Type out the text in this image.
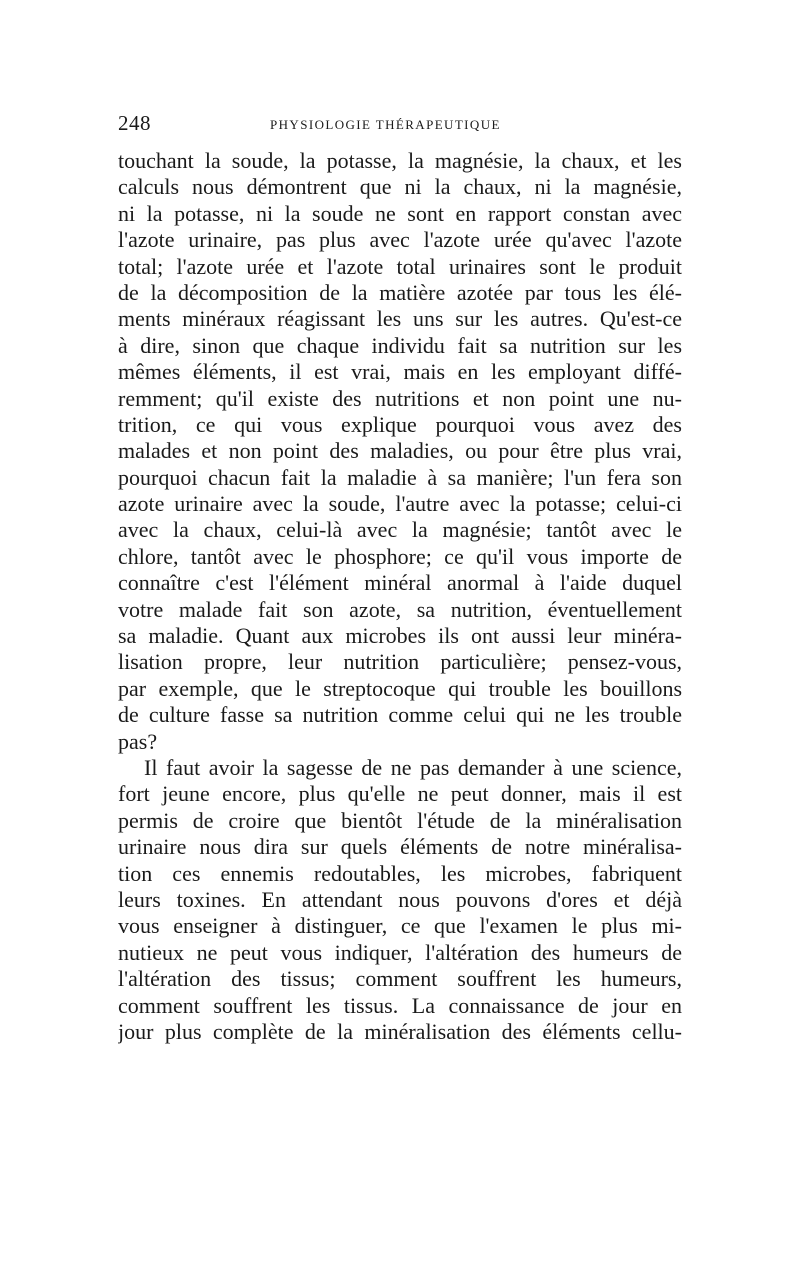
248	PHYSIOLOGIE THÉRAPEUTIQUE
touchant la soude, la potasse, la magnésie, la chaux, et les
calculs nous démontrent que ni la chaux, ni la magnésie,
ni la potasse, ni la soude ne sont en rapport constan avec
l'azote urinaire, pas plus avec l'azote urée qu'avec l'azote
total; l'azote urée et l'azote total urinaires sont le produit
de la décomposition de la matière azotée par tous les élé-
ments minéraux réagissant les uns sur les autres. Qu'est-ce
à dire, sinon que chaque individu fait sa nutrition sur les
mêmes éléments, il est vrai, mais en les employant diffé-
remment; qu'il existe des nutritions et non point une nu-
trition, ce qui vous explique pourquoi vous avez des
malades et non point des maladies, ou pour être plus vrai,
pourquoi chacun fait la maladie à sa manière; l'un fera son
azote urinaire avec la soude, l'autre avec la potasse; celui-ci
avec la chaux, celui-là avec la magnésie; tantôt avec le
chlore, tantôt avec le phosphore; ce qu'il vous importe de
connaître c'est l'élément minéral anormal à l'aide duquel
votre malade fait son azote, sa nutrition, éventuellement
sa maladie. Quant aux microbes ils ont aussi leur minéra-
lisation propre, leur nutrition particulière; pensez-vous,
par exemple, que le streptocoque qui trouble les bouillons
de culture fasse sa nutrition comme celui qui ne les trouble
pas?
Il faut avoir la sagesse de ne pas demander à une science,
fort jeune encore, plus qu'elle ne peut donner, mais il est
permis de croire que bientôt l'étude de la minéralisation
urinaire nous dira sur quels éléments de notre minéralisa-
tion ces ennemis redoutables, les microbes, fabriquent
leurs toxines. En attendant nous pouvons d'ores et déjà
vous enseigner à distinguer, ce que l'examen le plus mi-
nutieux ne peut vous indiquer, l'altération des humeurs de
l'altération des tissus; comment souffrent les humeurs,
comment souffrent les tissus. La connaissance de jour en
jour plus complète de la minéralisation des éléments cellu-
